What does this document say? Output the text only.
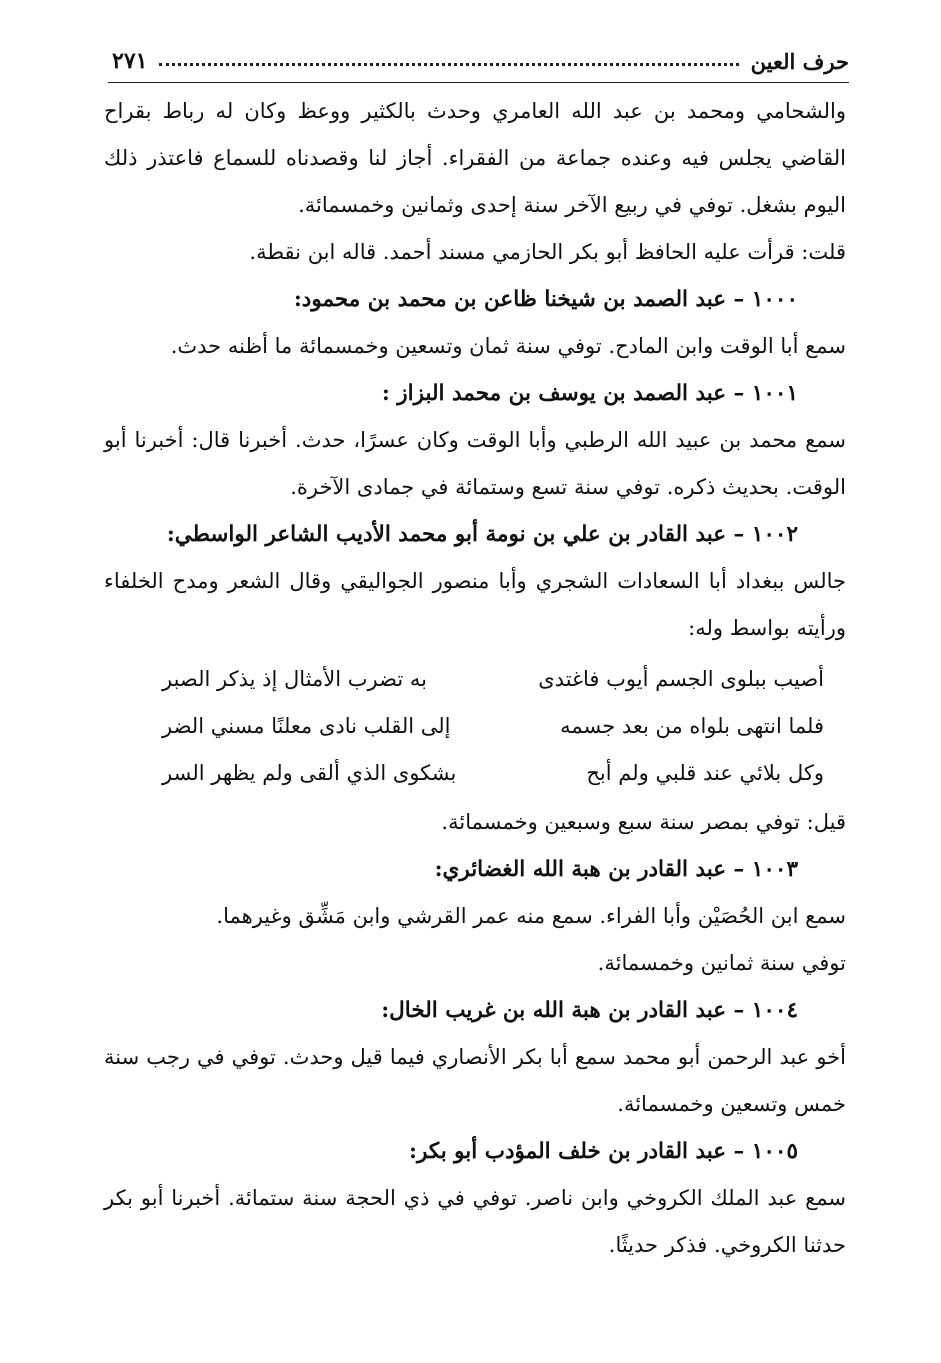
حرف العين
٢٧١

والشحامي ومحمد بن عبد الله العامري وحدث بالكثير ووعظ وكان له رباط بقراح القاضي يجلس فيه وعنده جماعة من الفقراء. أجاز لنا وقصدناه للسماع فاعتذر ذلك اليوم بشغل. توفي في ربيع الآخر سنة إحدى وثمانين وخمسمائة.

قلت: قرأت عليه الحافظ أبو بكر الحازمي مسند أحمد. قاله ابن نقطة.

١٠٠٠ – عبد الصمد بن شيخنا ظاعن بن محمد بن محمود:

سمع أبا الوقت وابن المادح. توفي سنة ثمان وتسعين وخمسمائة ما أظنه حدث.

١٠٠١ – عبد الصمد بن يوسف بن محمد البزاز :

سمع محمد بن عبيد الله الرطبي وأبا الوقت وكان عسرًا، حدث. أخبرنا قال: أخبرنا أبو الوقت. بحديث ذكره. توفي سنة تسع وستمائة في جمادى الآخرة.

١٠٠٢ – عبد القادر بن علي بن نومة أبو محمد الأديب الشاعر الواسطي:

جالس ببغداد أبا السعادات الشجري وأبا منصور الجواليقي وقال الشعر ومدح الخلفاء ورأيته بواسط وله:

أصيب ببلوى الجسم أيوب فاغتدى
به تضرب الأمثال إذ يذكر الصبر
فلما انتهى بلواه من بعد جسمه
إلى القلب نادى معلنًا مسني الضر
وكل بلائي عند قلبي ولم أبح
بشكوى الذي ألقى ولم يظهر السر

قيل: توفي بمصر سنة سبع وسبعين وخمسمائة.

١٠٠٣ – عبد القادر بن هبة الله الغضائري:

سمع ابن الحُصَيْن وأبا الفراء. سمع منه عمر القرشي وابن مَشِّق وغيرهما.

توفي سنة ثمانين وخمسمائة.

١٠٠٤ – عبد القادر بن هبة الله بن غريب الخال:

أخو عبد الرحمن أبو محمد سمع أبا بكر الأنصاري فيما قيل وحدث. توفي في رجب سنة خمس وتسعين وخمسمائة.

١٠٠٥ – عبد القادر بن خلف المؤدب أبو بكر:

سمع عبد الملك الكروخي وابن ناصر. توفي في ذي الحجة سنة ستمائة. أخبرنا أبو بكر حدثنا الكروخي. فذكر حديثًا.
